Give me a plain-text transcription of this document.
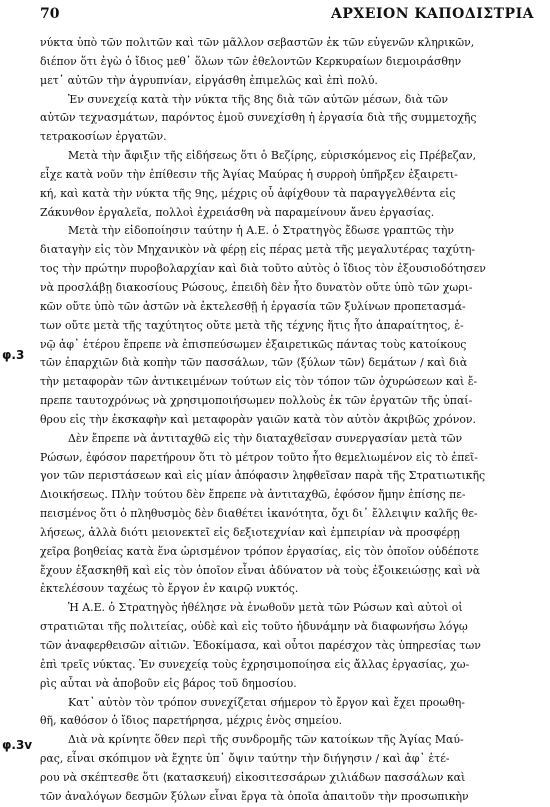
70	ΑΡΧΕΙΟΝ ΚΑΠΟΔΙΣΤΡΙΑ
φ.3
φ.3v
νύκτα ὑπὸ τῶν πολιτῶν καὶ τῶν μᾶλλον σεβαστῶν ἐκ τῶν εὐγενῶν κληρικῶν,
διέπον ὅτι ἐγὼ ὁ ἴδιος μεθ᾽ ὅλων τῶν ἐθελοντῶν Κερκυραίων διεμοιράσθην
μετ᾽ αὐτῶν τὴν ἀγρυπνίαν, εἰργάσθη ἐπιμελῶς καὶ ἐπὶ πολύ.
Ἐν συνεχείᾳ κατὰ τὴν νύκτα τῆς 8ης διὰ τῶν αὐτῶν μέσων, διὰ τῶν
αὐτῶν τεχνασμάτων, παρόντος ἐμοῦ συνεχίσθη ἡ ἐργασία διὰ τῆς συμμετοχῆς
τετρακοσίων ἐργατῶν.
Μετὰ τὴν ἄφιξιν τῆς εἰδήσεως ὅτι ὁ Βεζίρης, εὑρισκόμενος εἰς Πρέβεζαν,
εἶχε κατὰ νοῦν τὴν ἐπίθεσιν τῆς Ἁγίας Μαύρας ἡ συρροὴ ὑπῆρξεν ἐξαιρετι-
κή, καὶ κατὰ τὴν νύκτα τῆς 9ης, μέχρις οὗ ἀφίχθουν τὰ παραγγελθέντα εἰς
Ζάκυνθον ἐργαλεῖα, πολλοὶ ἐχρειάσθη νὰ παραμείνουν ἄνευ ἐργασίας.
Μετὰ τὴν εἰδοποίησιν ταύτην ἡ Α.Ε. ὁ Στρατηγὸς ἔδωσε γραπτῶς τὴν
διαταγὴν εἰς τὸν Μηχανικὸν νὰ φέρῃ εἰς πέρας μετὰ τῆς μεγαλυτέρας ταχύτη-
τος τὴν πρώτην πυροβολαρχίαν καὶ διὰ τοῦτο αὐτὸς ὁ ἴδιος τὸν ἐξουσιοδότησεν
νὰ προσλάβῃ διακοσίους Ρώσους, ἐπειδὴ δὲν ἦτο δυνατὸν οὔτε ὑπὸ τῶν χωρι-
κῶν οὔτε ὑπὸ τῶν ἀστῶν νὰ ἐκτελεσθῇ ἡ ἐργασία τῶν ξυλίνων προπετασμά-
των οὔτε μετὰ τῆς ταχύτητος οὔτε μετὰ τῆς τέχνης ἥτις ἦτο ἀπαραίτητος, ἐ-
νῷ ἀφ᾽ ἑτέρου ἔπρεπε νὰ ἐπισπεύσωμεν ἐξαιρετικῶς πάντας τοὺς κατοίκους
τῶν ἐπαρχιῶν διὰ κοπὴν τῶν πασσάλων, τῶν ⟨ξύλων τῶν⟩ δεμάτων / καὶ διὰ
τὴν μεταφορὰν τῶν ἀντικειμένων τούτων εἰς τὸν τόπον τῶν ὀχυρώσεων καὶ ἔ-
πρεπε ταυτοχρόνως νὰ χρησιμοποιήσωμεν πολλοὺς ἐκ τῶν ἐργατῶν τῆς ὑπαί-
θρου εἰς τὴν ἐκσκαφὴν καὶ μεταφορὰν γαιῶν κατὰ τὸν αὐτὸν ἀκριβῶς χρόνον.
Δὲν ἔπρεπε νὰ ἀντιταχθῶ εἰς τὴν διαταχθεῖσαν συνεργασίαν μετὰ τῶν
Ρώσων, ἐφόσον παρετήρουν ὅτι τὸ μέτρον τοῦτο ἦτο θεμελιωμένον εἰς τὸ ἐπεῖ-
γον τῶν περιστάσεων καὶ εἰς μίαν ἀπόφασιν ληφθεῖσαν παρὰ τῆς Στρατιωτικῆς
Διοικήσεως. Πλὴν τούτου δὲν ἔπρεπε νὰ ἀντιταχθῶ, ἐφόσον ἤμην ἐπίσης πε-
πεισμένος ὅτι ὁ πληθυσμὸς δὲν διαθέτει ἱκανότητα, ὄχι δι᾽ ἔλλειψιν καλῆς θε-
λήσεως, ἀλλὰ διότι μειονεκτεῖ εἰς δεξιοτεχνίαν καὶ ἐμπειρίαν νὰ προσφέρῃ
χεῖρα βοηθείας κατὰ ἕνα ὡρισμένον τρόπον ἐργασίας, εἰς τὸν ὁποῖον οὐδέποτε
ἔχουν ἐξασκηθῆ καὶ εἰς τὸν ὁποῖον εἶναι ἀδύνατον νὰ τοὺς ἐξοικειώσῃς καὶ νὰ
ἐκτελέσουν ταχέως τὸ ἔργον ἐν καιρῷ νυκτός.
Ἡ Α.Ε. ὁ Στρατηγὸς ἠθέλησε νὰ ἑνωθοῦν μετὰ τῶν Ρώσων καὶ αὐτοὶ οἱ
στρατιῶται τῆς πολιτείας, οὐδὲ καὶ εἰς τοῦτο ἠδυνάμην νὰ διαφωνήσω λόγῳ
τῶν ἀναφερθεισῶν αἰτιῶν. Ἐδοκίμασα, καὶ οὗτοι παρέσχον τὰς ὑπηρεσίας των
ἐπὶ τρεῖς νύκτας. Ἐν συνεχείᾳ τοὺς ἐχρησιμοποίησα εἰς ἄλλας ἐργασίας, χω-
ρὶς αὗται νὰ ἀποβοῦν εἰς βάρος τοῦ δημοσίου.
Κατ᾽ αὐτὸν τὸν τρόπον συνεχίζεται σήμερον τὸ ἔργον καὶ ἔχει προωθη-
θῆ, καθόσον ὁ ἴδιος παρετήρησα, μέχρις ἑνὸς σημείου.
Διὰ νὰ κρίνητε ὅθεν περὶ τῆς συνδρομῆς τῶν κατοίκων τῆς Ἁγίας Μαύ-
ρας, εἶναι σκόπιμον νὰ ἔχητε ὑπ᾽ ὄψιν ταύτην τὴν διήγησιν / καὶ ἀφ᾽ ἑτέ-
ρου νὰ σκέπτεσθε ὅτι ⟨κατασκευή⟩ εἰκοσιτεσσάρων χιλιάδων πασσάλων καὶ
τῶν ἀναλόγων δεσμῶν ξύλων εἶναι ἔργα τὰ ὁποῖα ἀπαιτοῦν τὴν προσωπικὴν
